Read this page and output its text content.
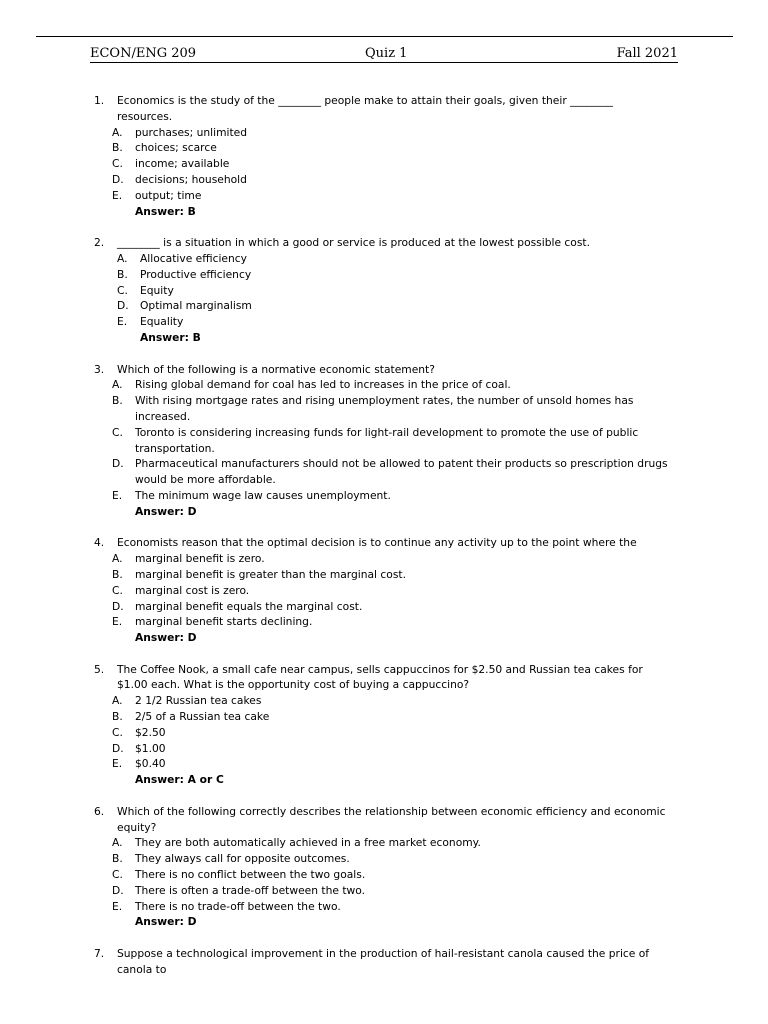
ECON/ENG 209	Quiz 1	Fall 2021
1. Economics is the study of the ________ people make to attain their goals, given their ________ resources.
A. purchases; unlimited
B. choices; scarce
C. income; available
D. decisions; household
E. output; time
Answer: B
2. ________ is a situation in which a good or service is produced at the lowest possible cost.
A. Allocative efficiency
B. Productive efficiency
C. Equity
D. Optimal marginalism
E. Equality
Answer: B
3. Which of the following is a normative economic statement?
A. Rising global demand for coal has led to increases in the price of coal.
B. With rising mortgage rates and rising unemployment rates, the number of unsold homes has increased.
C. Toronto is considering increasing funds for light-rail development to promote the use of public transportation.
D. Pharmaceutical manufacturers should not be allowed to patent their products so prescription drugs would be more affordable.
E. The minimum wage law causes unemployment.
Answer: D
4. Economists reason that the optimal decision is to continue any activity up to the point where the
A. marginal benefit is zero.
B. marginal benefit is greater than the marginal cost.
C. marginal cost is zero.
D. marginal benefit equals the marginal cost.
E. marginal benefit starts declining.
Answer: D
5. The Coffee Nook, a small cafe near campus, sells cappuccinos for $2.50 and Russian tea cakes for $1.00 each. What is the opportunity cost of buying a cappuccino?
A. 2 1/2 Russian tea cakes
B. 2/5 of a Russian tea cake
C. $2.50
D. $1.00
E. $0.40
Answer: A or C
6. Which of the following correctly describes the relationship between economic efficiency and economic equity?
A. They are both automatically achieved in a free market economy.
B. They always call for opposite outcomes.
C. There is no conflict between the two goals.
D. There is often a trade-off between the two.
E. There is no trade-off between the two.
Answer: D
7. Suppose a technological improvement in the production of hail-resistant canola caused the price of canola to
